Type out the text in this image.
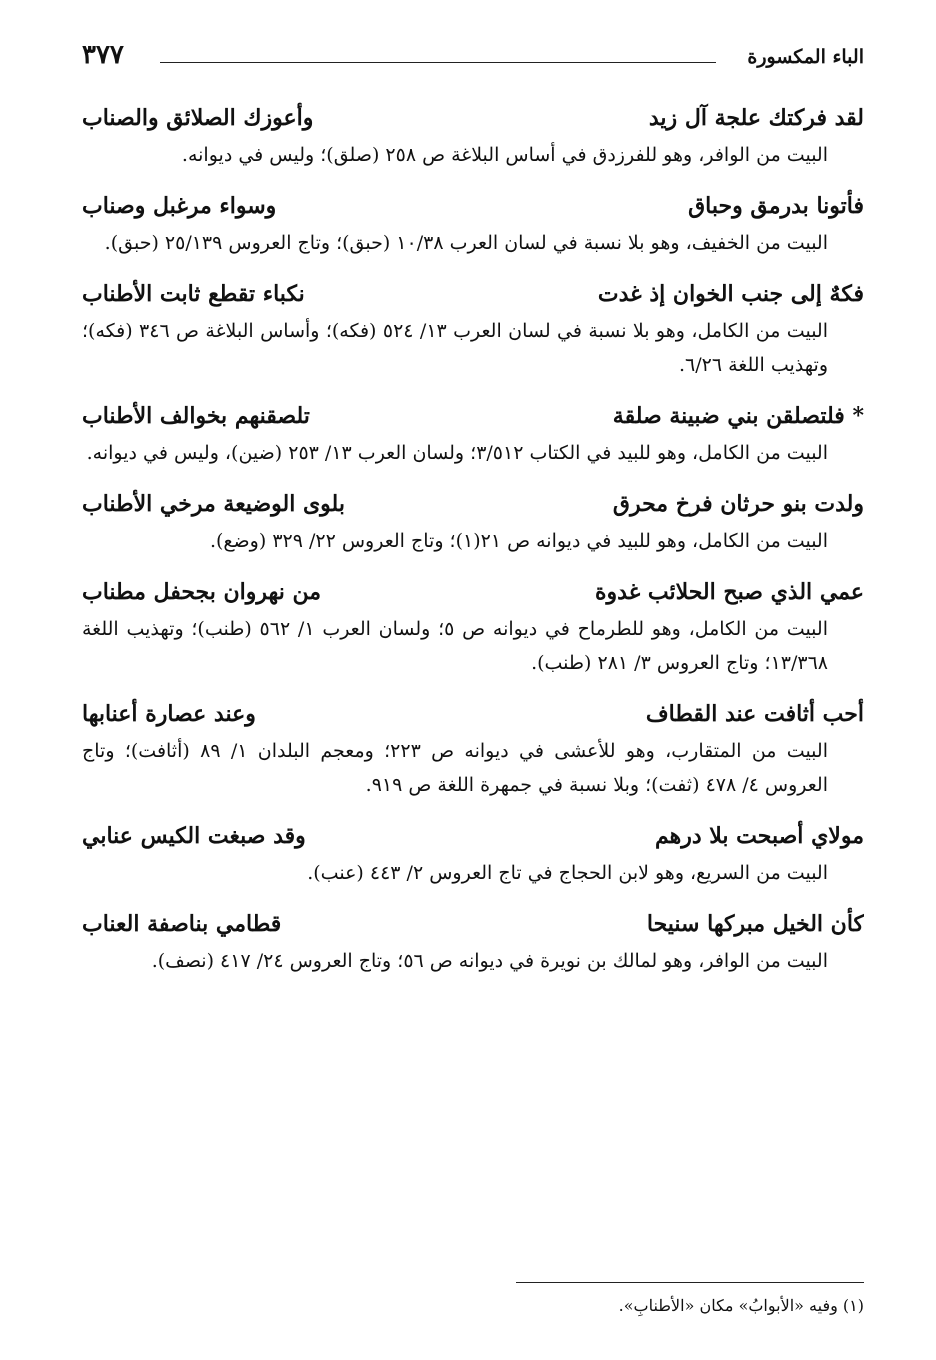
الباء المكسورة
٣٧٧
لقد فركتك علجة آل زيد
وأعوزك الصلائق والصناب
البيت من الوافر، وهو للفرزدق في أساس البلاغة ص ٢٥٨ (صلق)؛ وليس في ديوانه.
فأتونا بدرمق وحباق
وسواء مرغبل وصناب
البيت من الخفيف، وهو بلا نسبة في لسان العرب ١٠/٣٨ (حبق)؛ وتاج العروس ٢٥/١٣٩ (حبق).
فكهٌ إلى جنب الخوان إذ غدت
نكباء تقطع ثابت الأطناب
البيت من الكامل، وهو بلا نسبة في لسان العرب ١٣/ ٥٢٤ (فكه)؛ وأساس البلاغة ص ٣٤٦ (فكه)؛ وتهذيب اللغة ٦/٢٦.
* فلتصلقن بني ضبينة صلقة
تلصقنهم بخوالف الأطناب
البيت من الكامل، وهو للبيد في الكتاب ٣/٥١٢؛ ولسان العرب ١٣/ ٢٥٣ (ضين)، وليس في ديوانه.
ولدت بنو حرثان فرخ محرق
بلوى الوضيعة مرخي الأطناب
البيت من الكامل، وهو للبيد في ديوانه ص ٢١(١)؛ وتاج العروس ٢٢/ ٣٢٩ (وضع).
عمي الذي صبح الحلائب غدوة
من نهروان بجحفل مطناب
البيت من الكامل، وهو للطرماح في ديوانه ص ٥؛ ولسان العرب ١/ ٥٦٢ (طنب)؛ وتهذيب اللغة ١٣/٣٦٨؛ وتاج العروس ٣/ ٢٨١ (طنب).
أحب أثافت عند القطاف
وعند عصارة أعنابها
البيت من المتقارب، وهو للأعشى في ديوانه ص ٢٢٣؛ ومعجم البلدان ١/ ٨٩ (أثافت)؛ وتاج العروس ٤/ ٤٧٨ (ثفت)؛ وبلا نسبة في جمهرة اللغة ص ٩١٩.
مولاي أصبحت بلا درهم
وقد صبغت الكيس عنابي
البيت من السريع، وهو لابن الحجاج في تاج العروس ٢/ ٤٤٣ (عنب).
كأن الخيل مبركها سنيحا
قطامي بناصفة العناب
البيت من الوافر، وهو لمالك بن نويرة في ديوانه ص ٥٦؛ وتاج العروس ٢٤/ ٤١٧ (نصف).
(١) وفيه «الأبوابُ» مكان «الأطنابِ».
